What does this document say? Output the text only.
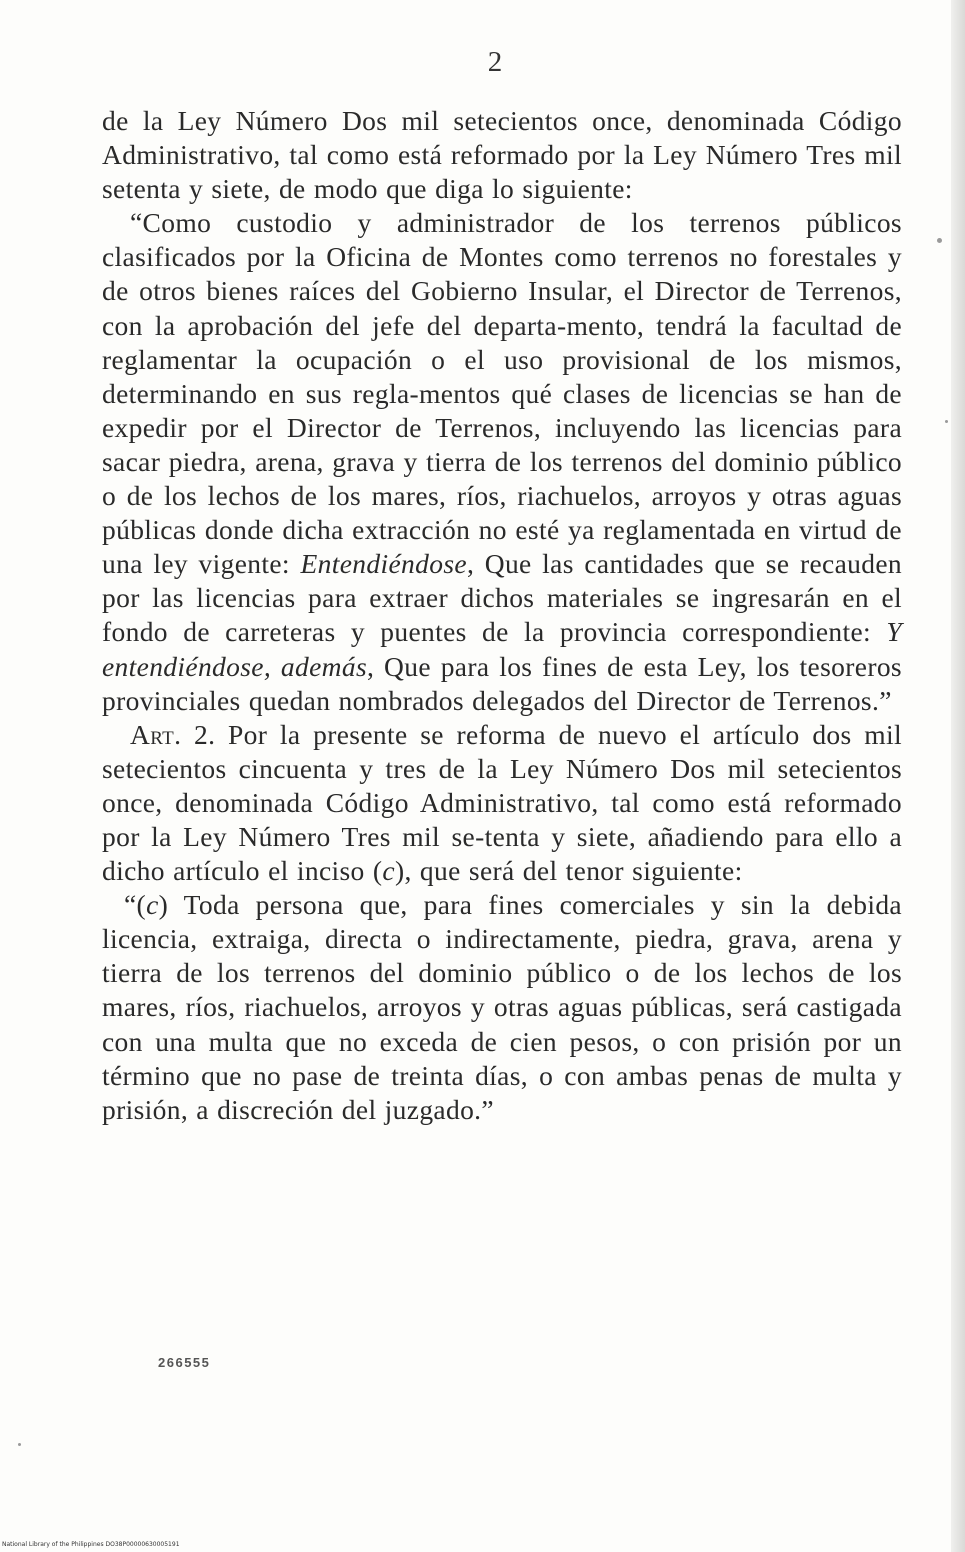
2

de la Ley Número Dos mil setecientos once, denominada Código Administrativo, tal como está reformado por la Ley Número Tres mil setenta y siete, de modo que diga lo siguiente:

“Como custodio y administrador de los terrenos públicos clasificados por la Oficina de Montes como terrenos no forestales y de otros bienes raíces del Gobierno Insular, el Director de Terrenos, con la aprobación del jefe del departa-mento, tendrá la facultad de reglamentar la ocupación o el uso provisional de los mismos, determinando en sus regla-mentos qué clases de licencias se han de expedir por el Director de Terrenos, incluyendo las licencias para sacar piedra, arena, grava y tierra de los terrenos del dominio público o de los lechos de los mares, ríos, riachuelos, arroyos y otras aguas públicas donde dicha extracción no esté ya reglamentada en virtud de una ley vigente: Entendiéndose, Que las cantidades que se recauden por las licencias para extraer dichos materiales se ingresarán en el fondo de carreteras y puentes de la provincia correspondiente: Y entendiéndose, además, Que para los fines de esta Ley, los tesoreros provinciales quedan nombrados delegados del Director de Terrenos.”

Art. 2. Por la presente se reforma de nuevo el artículo dos mil setecientos cincuenta y tres de la Ley Número Dos mil setecientos once, denominada Código Administrativo, tal como está reformado por la Ley Número Tres mil se-tenta y siete, añadiendo para ello a dicho artículo el inciso (c), que será del tenor siguiente:

“(c) Toda persona que, para fines comerciales y sin la debida licencia, extraiga, directa o indirectamente, piedra, grava, arena y tierra de los terrenos del dominio público o de los lechos de los mares, ríos, riachuelos, arroyos y otras aguas públicas, será castigada con una multa que no exceda de cien pesos, o con prisión por un término que no pase de treinta días, o con ambas penas de multa y prisión, a discreción del juzgado.”

266555
National Library of the Philippines DO38P00000630005191
